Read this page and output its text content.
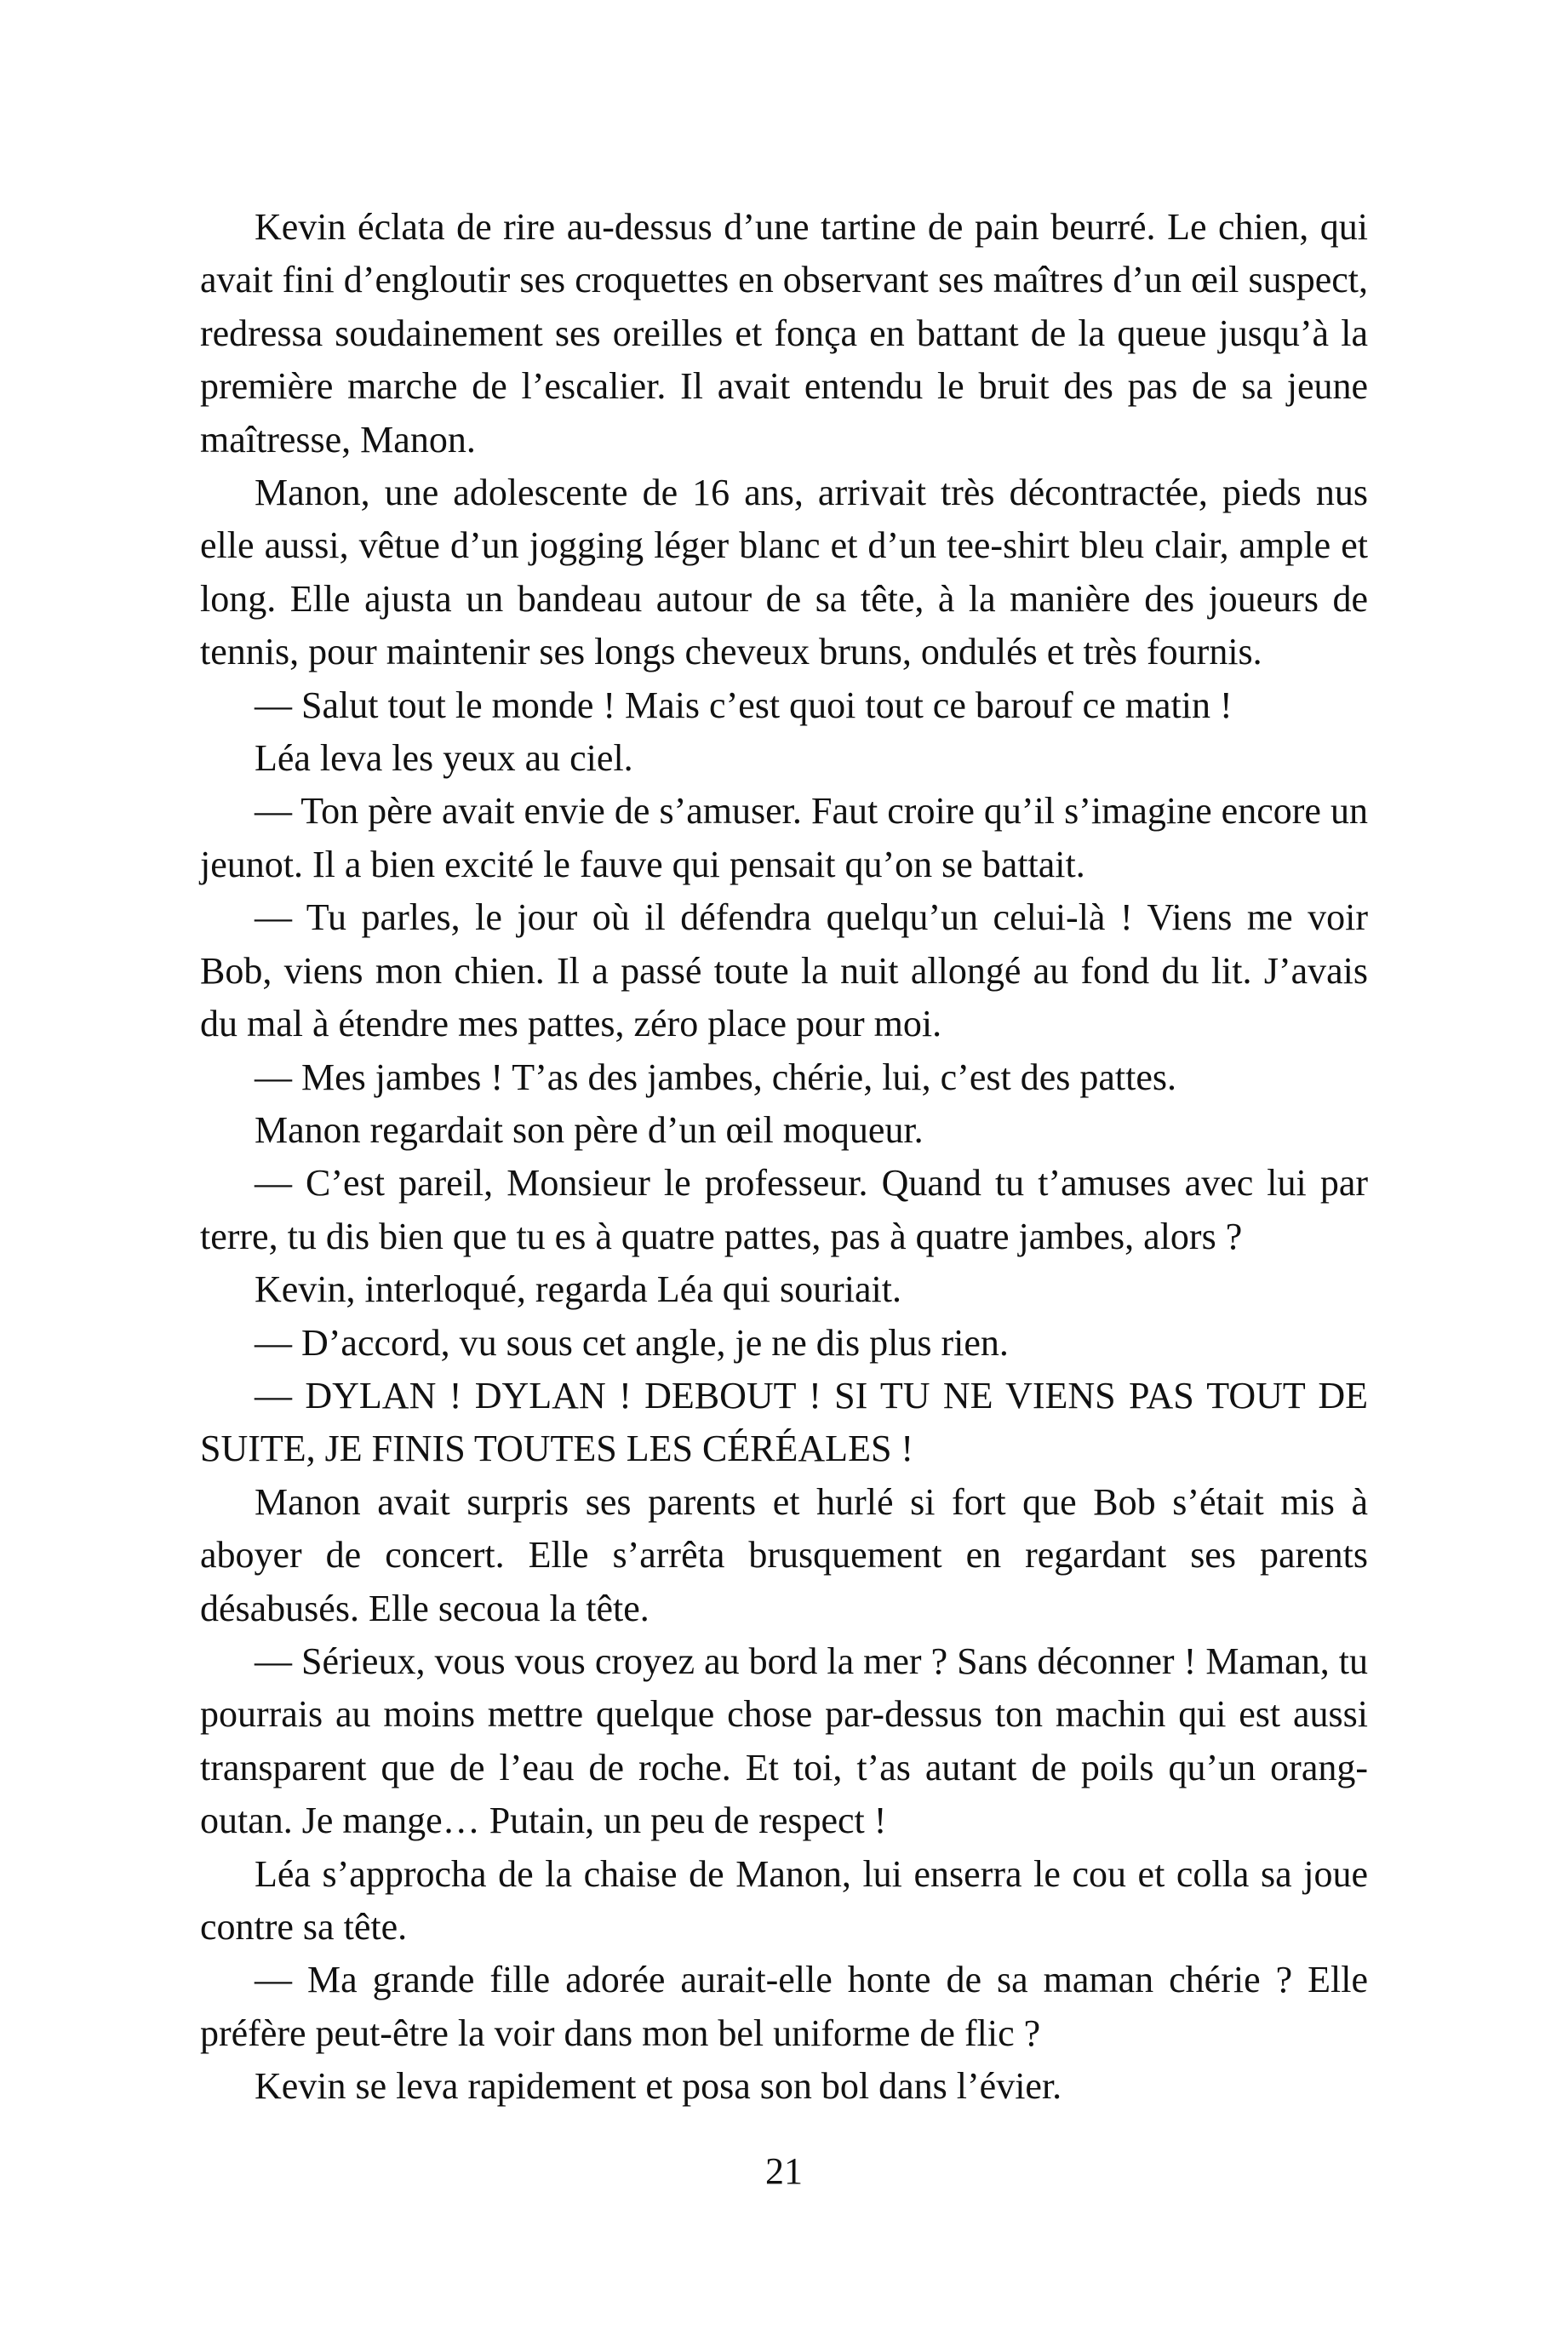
Kevin éclata de rire au-dessus d’une tartine de pain beurré. Le chien, qui avait fini d’engloutir ses croquettes en observant ses maîtres d’un œil suspect, redressa soudainement ses oreilles et fonça en battant de la queue jusqu’à la première marche de l’escalier. Il avait entendu le bruit des pas de sa jeune maîtresse, Manon.

Manon, une adolescente de 16 ans, arrivait très décontractée, pieds nus elle aussi, vêtue d’un jogging léger blanc et d’un tee-shirt bleu clair, ample et long. Elle ajusta un bandeau autour de sa tête, à la manière des joueurs de tennis, pour maintenir ses longs cheveux bruns, ondulés et très fournis.

— Salut tout le monde ! Mais c’est quoi tout ce barouf ce matin !

Léa leva les yeux au ciel.

— Ton père avait envie de s’amuser. Faut croire qu’il s’imagine encore un jeunot. Il a bien excité le fauve qui pensait qu’on se battait.

— Tu parles, le jour où il défendra quelqu’un celui-là ! Viens me voir Bob, viens mon chien. Il a passé toute la nuit allongé au fond du lit. J’avais du mal à étendre mes pattes, zéro place pour moi.

— Mes jambes ! T’as des jambes, chérie, lui, c’est des pattes.

Manon regardait son père d’un œil moqueur.

— C’est pareil, Monsieur le professeur. Quand tu t’amuses avec lui par terre, tu dis bien que tu es à quatre pattes, pas à quatre jambes, alors ?

Kevin, interloqué, regarda Léa qui souriait.

— D’accord, vu sous cet angle, je ne dis plus rien.

— DYLAN ! DYLAN ! DEBOUT ! SI TU NE VIENS PAS TOUT DE SUITE, JE FINIS TOUTES LES CÉRÉALES !

Manon avait surpris ses parents et hurlé si fort que Bob s’était mis à aboyer de concert. Elle s’arrêta brusquement en regardant ses parents désabusés. Elle secoua la tête.

— Sérieux, vous vous croyez au bord la mer ? Sans déconner ! Maman, tu pourrais au moins mettre quelque chose par-dessus ton machin qui est aussi transparent que de l’eau de roche. Et toi, t’as autant de poils qu’un orang-outan. Je mange… Putain, un peu de respect !

Léa s’approcha de la chaise de Manon, lui enserra le cou et colla sa joue contre sa tête.

— Ma grande fille adorée aurait-elle honte de sa maman chérie ? Elle préfère peut-être la voir dans mon bel uniforme de flic ?

Kevin se leva rapidement et posa son bol dans l’évier.

21
